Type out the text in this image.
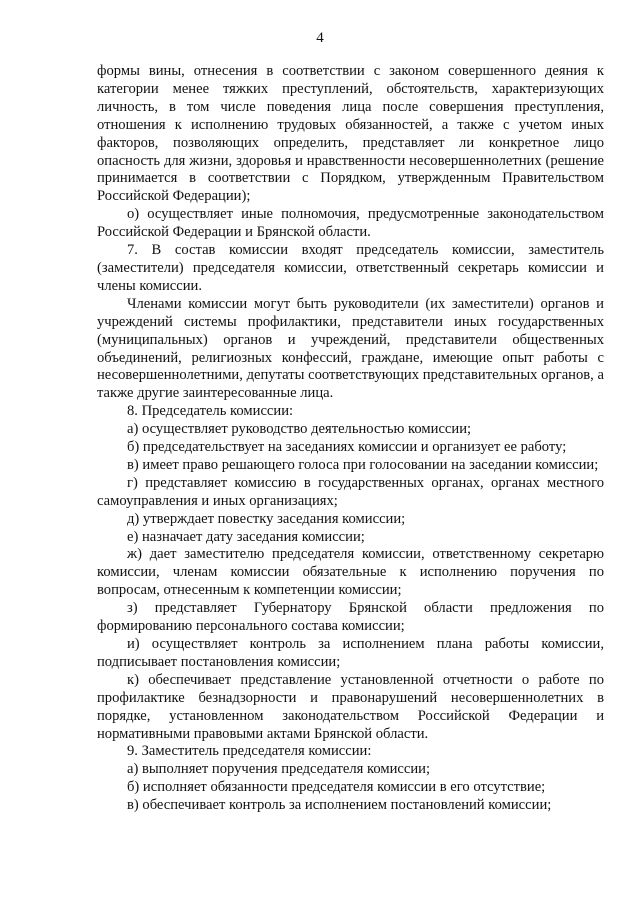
4

формы вины, отнесения в соответствии с законом совершенного деяния к категории менее тяжких преступлений, обстоятельств, характеризующих личность, в том числе поведения лица после совершения преступления, отношения к исполнению трудовых обязанностей, а также с учетом иных факторов, позволяющих определить, представляет ли конкретное лицо опасность для жизни, здоровья и нравственности несовершеннолетних (решение принимается в соответствии с Порядком, утвержденным Правительством Российской Федерации);

о) осуществляет иные полномочия, предусмотренные законодательством Российской Федерации и Брянской области.

7. В состав комиссии входят председатель комиссии, заместитель (заместители) председателя комиссии, ответственный секретарь комиссии и члены комиссии.

Членами комиссии могут быть руководители (их заместители) органов и учреждений системы профилактики, представители иных государственных (муниципальных) органов и учреждений, представители общественных объединений, религиозных конфессий, граждане, имеющие опыт работы с несовершеннолетними, депутаты соответствующих представительных органов, а также другие заинтересованные лица.

8. Председатель комиссии:

а) осуществляет руководство деятельностью комиссии;

б) председательствует на заседаниях комиссии и организует ее работу;

в) имеет право решающего голоса при голосовании на заседании комиссии;

г) представляет комиссию в государственных органах, органах местного самоуправления и иных организациях;

д) утверждает повестку заседания комиссии;

е) назначает дату заседания комиссии;

ж) дает заместителю председателя комиссии, ответственному секретарю комиссии, членам комиссии обязательные к исполнению поручения по вопросам, отнесенным к компетенции комиссии;

з) представляет Губернатору Брянской области предложения по формированию персонального состава комиссии;

и) осуществляет контроль за исполнением плана работы комиссии, подписывает постановления комиссии;

к) обеспечивает представление установленной отчетности о работе по профилактике безнадзорности и правонарушений несовершеннолетних в порядке, установленном законодательством Российской Федерации и нормативными правовыми актами Брянской области.

9. Заместитель председателя комиссии:

а) выполняет поручения председателя комиссии;

б) исполняет обязанности председателя комиссии в его отсутствие;

в) обеспечивает контроль за исполнением постановлений комиссии;
